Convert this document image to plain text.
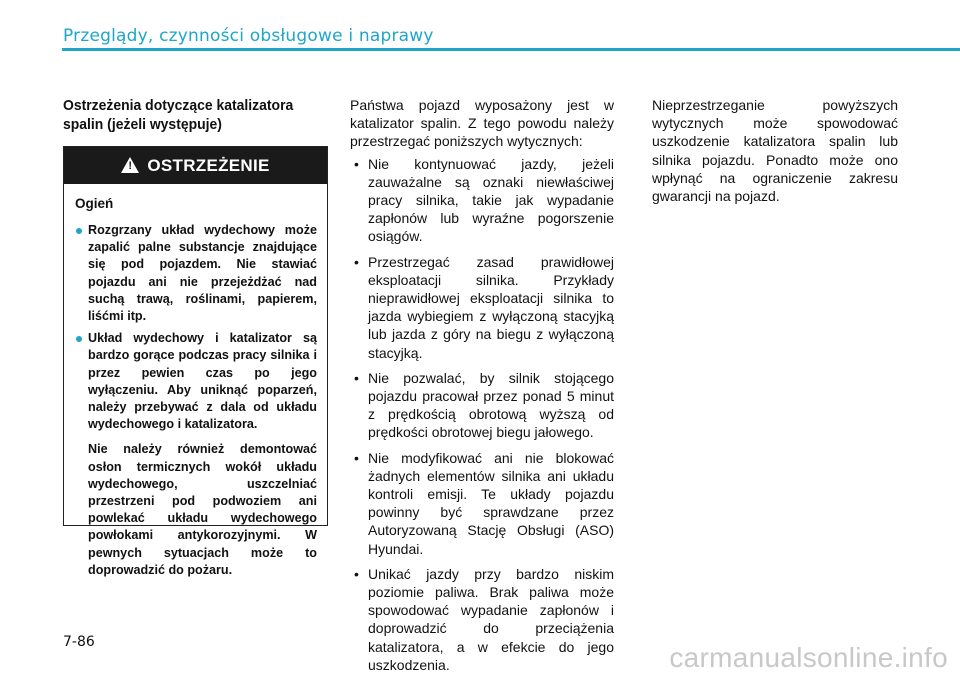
Przeglądy, czynności obsługowe i naprawy
Ostrzeżenia dotyczące katalizatora spalin (jeżeli występuje)
! OSTRZEŻENIE
Ogień
Rozgrzany układ wydechowy może zapalić palne substancje znajdujące się pod pojazdem. Nie stawiać pojazdu ani nie przejeżdżać nad suchą trawą, roślinami, papierem, liśćmi itp.
Układ wydechowy i katalizator są bardzo gorące podczas pracy silnika i przez pewien czas po jego wyłączeniu. Aby uniknąć poparzeń, należy przebywać z dala od układu wydechowego i katalizatora.
Nie należy również demontować osłon termicznych wokół układu wydechowego, uszczelniać przestrzeni pod podwoziem ani powlekać układu wydechowego powłokami antykorozyjnymi. W pewnych sytuacjach może to doprowadzić do pożaru.

Państwa pojazd wyposażony jest w katalizator spalin. Z tego powodu należy przestrzegać poniższych wytycznych:

• Nie kontynuować jazdy, jeżeli zauważalne są oznaki niewłaściwej pracy silnika, takie jak wypadanie zapłonów lub wyraźne pogorszenie osiągów.
• Przestrzegać zasad prawidłowej eksploatacji silnika. Przykłady nieprawidłowej eksploatacji silnika to jazda wybiegiem z wyłączoną stacyjką lub jazda z góry na biegu z wyłączoną stacyjką.
• Nie pozwalać, by silnik stojącego pojazdu pracował przez ponad 5 minut z prędkością obrotową wyższą od prędkości obrotowej biegu jałowego.
• Nie modyfikować ani nie blokować żadnych elementów silnika ani układu kontroli emisji. Te układy pojazdu powinny być sprawdzane przez Autoryzowaną Stację Obsługi (ASO) Hyundai.
• Unikać jazdy przy bardzo niskim poziomie paliwa. Brak paliwa może spowodować wypadanie zapłonów i doprowadzić do przeciążenia katalizatora, a w efekcie do jego uszkodzenia.

Nieprzestrzeganie powyższych wytycznych może spowodować uszkodzenie katalizatora spalin lub silnika pojazdu. Ponadto może ono wpłynąć na ograniczenie zakresu gwarancji na pojazd.

7-86	carmanualsonline.info
